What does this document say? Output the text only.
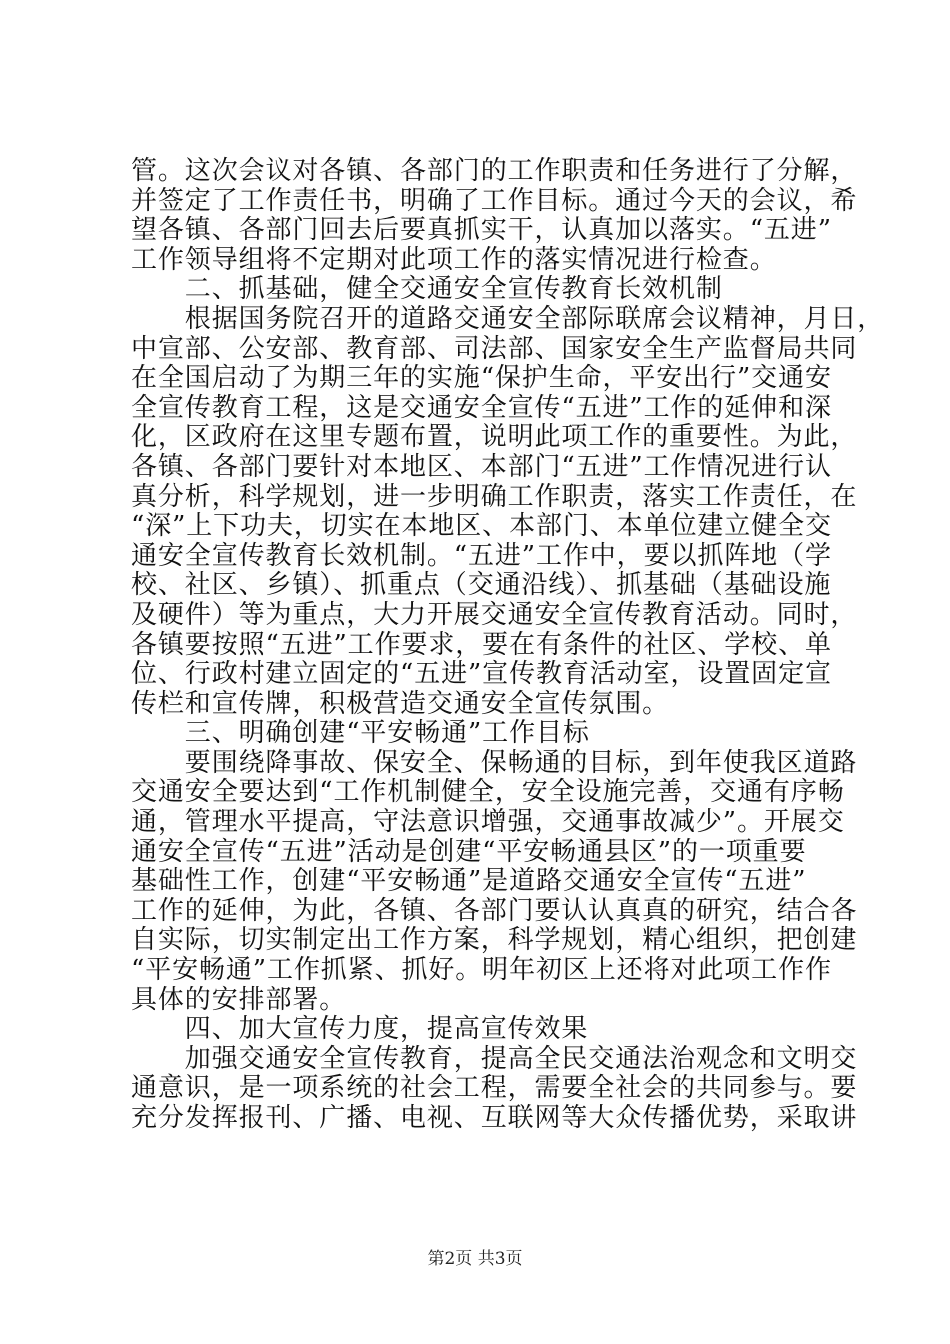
管。这次会议对各镇、各部门的工作职责和任务进行了分解，
并签定了工作责任书，明确了工作目标。通过今天的会议，希
望各镇、各部门回去后要真抓实干，认真加以落实。“五进”
工作领导组将不定期对此项工作的落实情况进行检查。
　　二、抓基础，健全交通安全宣传教育长效机制
　　根据国务院召开的道路交通安全部际联席会议精神，月日，
中宣部、公安部、教育部、司法部、国家安全生产监督局共同
在全国启动了为期三年的实施“保护生命，平安出行”交通安
全宣传教育工程，这是交通安全宣传“五进”工作的延伸和深
化，区政府在这里专题布置，说明此项工作的重要性。为此，
各镇、各部门要针对本地区、本部门“五进”工作情况进行认
真分析，科学规划，进一步明确工作职责，落实工作责任，在
“深”上下功夫，切实在本地区、本部门、本单位建立健全交
通安全宣传教育长效机制。“五进”工作中，要以抓阵地（学
校、社区、乡镇）、抓重点（交通沿线）、抓基础（基础设施
及硬件）等为重点，大力开展交通安全宣传教育活动。同时，
各镇要按照“五进”工作要求，要在有条件的社区、学校、单
位、行政村建立固定的“五进”宣传教育活动室，设置固定宣
传栏和宣传牌，积极营造交通安全宣传氛围。
　　三、明确创建“平安畅通”工作目标
　　要围绕降事故、保安全、保畅通的目标，到年使我区道路
交通安全要达到“工作机制健全，安全设施完善，交通有序畅
通，管理水平提高，守法意识增强，交通事故减少”。开展交
通安全宣传“五进”活动是创建“平安畅通县区”的一项重要
基础性工作，创建“平安畅通”是道路交通安全宣传“五进”
工作的延伸，为此，各镇、各部门要认认真真的研究，结合各
自实际，切实制定出工作方案，科学规划，精心组织，把创建
“平安畅通”工作抓紧、抓好。明年初区上还将对此项工作作
具体的安排部署。
　　四、加大宣传力度，提高宣传效果
　　加强交通安全宣传教育，提高全民交通法治观念和文明交
通意识，是一项系统的社会工程，需要全社会的共同参与。要
充分发挥报刊、广播、电视、互联网等大众传播优势，采取讲
第2页 共3页
